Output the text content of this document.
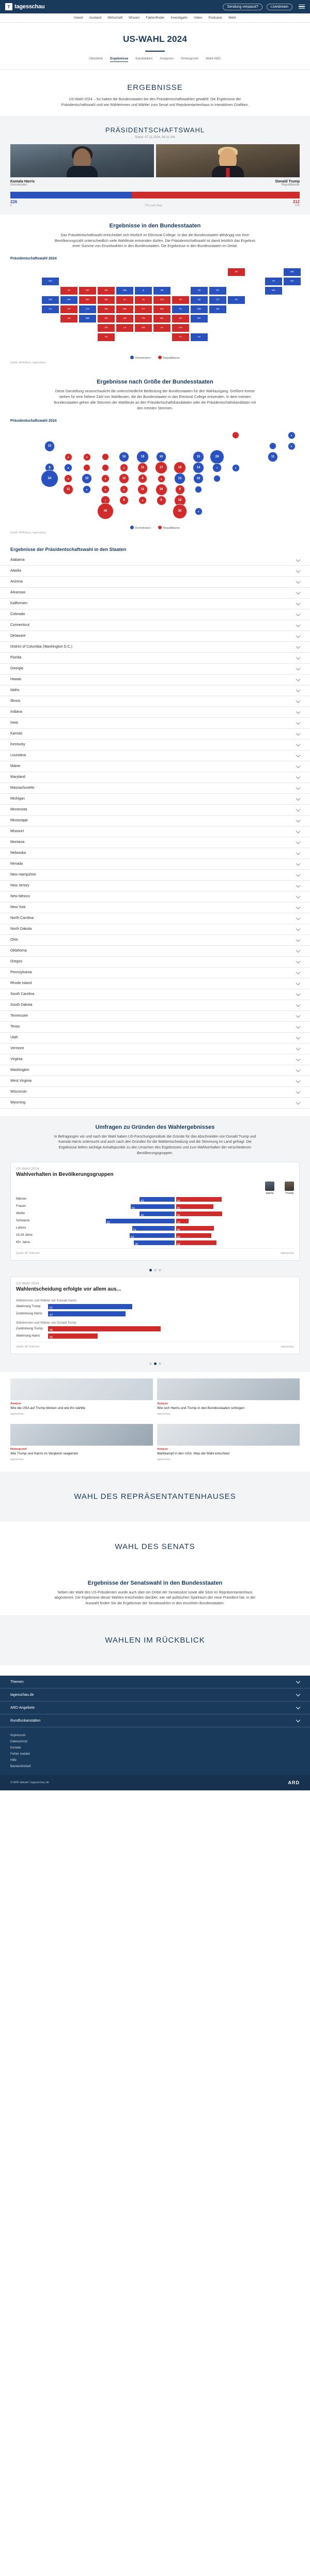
T tagesschau	Sendung verpasst?	Livestream
Inland Ausland Wirtschaft Wissen Faktenfinder Investigativ Video Podcasts Mehr
US-WAHL 2024
Überblick Ergebnisse Kandidaten Analysen Hintergrund Wahl-ABC
ERGEBNISSE
US-Wahl 2024 – So haben die Bundesstaaten bei den Präsidentschaftswahlen gewählt: Die Ergebnisse der Präsidentschaftswahl und wie Wählerinnen und Wähler zum Senat und Repräsentantenhaus in interaktiven Grafiken.
PRÄSIDENTSCHAFTSWAHL
Stand: 07.11.2024, 08:11 Uhr
Kamala Harris
Demokraten
Donald Trump
Republikaner
226	312
0	270 zum Sieg	538
Ergebnisse in den Bundesstaaten
Das Präsidentschaftswahl entscheidet sich letztlich im Electoral College: In das die Bundesstaaten abhängig von ihrer Bevölkerungszahl unterschiedlich viele Wahlleute entsenden dürfen. Die Präsidentschaftswahl ist damit letztlich das Ergebnis einer Summe von Einzelwahlen in den Bundesstaaten. Die Ergebnisse in den Bundesstaaten im Detail:
Präsidentschaftswahl 2024
AK	ME
WA	VT	NH
ID	MT	ND	MN	IL	WI	MI	NY	MA
OR	NV	WY	SD	IA	IN	OH	PA	NJ	CT	RI
CA	UT	CO	NE	MO	KY	WV	VA	MD	DE
AZ	NM	KS	AR	TN	NC	SC	DC
OK	LA	MS	AL	GA
TX	FL	HI
Demokraten	Republikaner
Quelle: AP/Edison, tagesschau
Ergebnisse nach Größe der Bundesstaaten
Diese Darstellung veranschaulicht die unterschiedliche Bedeutung der Bundesstaaten für den Wahlausgang. Größere Kreise stehen für eine höhere Zahl von Wahlleuten, die der Bundesstaaten in das Electoral College entsenden. In dem meisten Bundesstaaten gehen alle Stimmen der Wahlleute an den Präsidentschaftskandidaten oder die Präsidentschaftskandidatin mit den meisten Stimmen.
Präsidentschaftswahl 2024
4
12	4
4	4	10	19	10	15	28	11
8	6	6	11	17	19	14	7	4
54	6	10	5	10	8	4	13	10
11	5	6	6	11	16	9
7	8	6	9	16
40	30	4
Demokraten	Republikaner
Quelle: AP/Edison, tagesschau
Ergebnisse der Präsidentschaftswahl in den Staaten
Alabama
Alaska
Arizona
Arkansas
Kalifornien
Colorado
Connecticut
Delaware
District of Columbia (Washington D.C.)
Florida
Georgia
Hawaii
Idaho
Illinois
Indiana
Iowa
Kansas
Kentucky
Louisiana
Maine
Maryland
Massachusetts
Michigan
Minnesota
Mississippi
Missouri
Montana
Nebraska
Nevada
New Hampshire
New Jersey
New Mexico
New York
North Carolina
North Dakota
Ohio
Oklahoma
Oregon
Pennsylvania
Rhode Island
South Carolina
South Dakota
Tennessee
Texas
Utah
Vermont
Virginia
Washington
West Virginia
Wisconsin
Wyoming
Umfragen zu Gründen des Wahlergebnisses
In Befragungen vor und nach der Wahl haben US-Forschungsinstitute die Gründe für das Abschneiden von Donald Trump und Kamala Harris untersucht und auch nach den Gründen für die Wahlentscheidung und die Stimmung im Land gefragt. Die Ergebnisse liefern wichtige Anhaltspunkte zu den Ursachen des Ergebnisses und zum Wahlverhalten der verschiedenen Bevölkerungsgruppen.
US-Wahl 2024
Wahlverhalten in Bevölkerungsgruppen
Harris	Trump
Männer
42	55
Frauen
53	45
Weiße
42	56
Schwarze
83	15
Latinos
51	46
18-29 Jahre
54	43
65+ Jahre
49	49
Quelle: AP VoteCast	tagesschau
US-Wahl 2024
Wahlentscheidung erfolgte vor allem aus...
Wählerinnen und Wähler von Kamala Harris
Ablehnung Trump	51
Zustimmung Harris	47
Wählerinnen und Wähler von Donald Trump
Zustimmung Trump	68
Ablehnung Harris	30
Quelle: AP VoteCast	tagesschau
Analyse
Wie die USA auf Trump blicken und wie ihn wählte
tagesschau
Analyse
Wie sich Harris und Trump in den Bundesstaaten schlugen
tagesschau
Hintergrund
Wie Trump und Harris im Vergleich reagierten
tagesschau
Analyse
Wahlkampf in den USA: Was die Wahl entschied
tagesschau
WAHL DES REPRÄSENTANTENHAUSES
WAHL DES SENATS
Ergebnisse der Senatswahl in den Bundesstaaten
Neben der Wahl des US-Präsidenten wurde auch über ein Drittel der Senatssitze sowie alle Sitze im Repräsentantenhaus abgestimmt. Die Ergebnisse dieser Wahlen entscheiden darüber, wie viel politischen Spielraum der neue Präsident hat. In der Auswahl finden Sie die Ergebnisse der Senatswahlen in den einzelnen Bundesstaaten.
WAHLEN IM RÜCKBLICK
Themen
tagesschau.de
ARD-Angebote
Rundfunkanstalten
Impressum
Datenschutz
Kontakt
Fehler melden
Hilfe
Barrierefreiheit
© ARD-aktuell / tagesschau.de	ARD
